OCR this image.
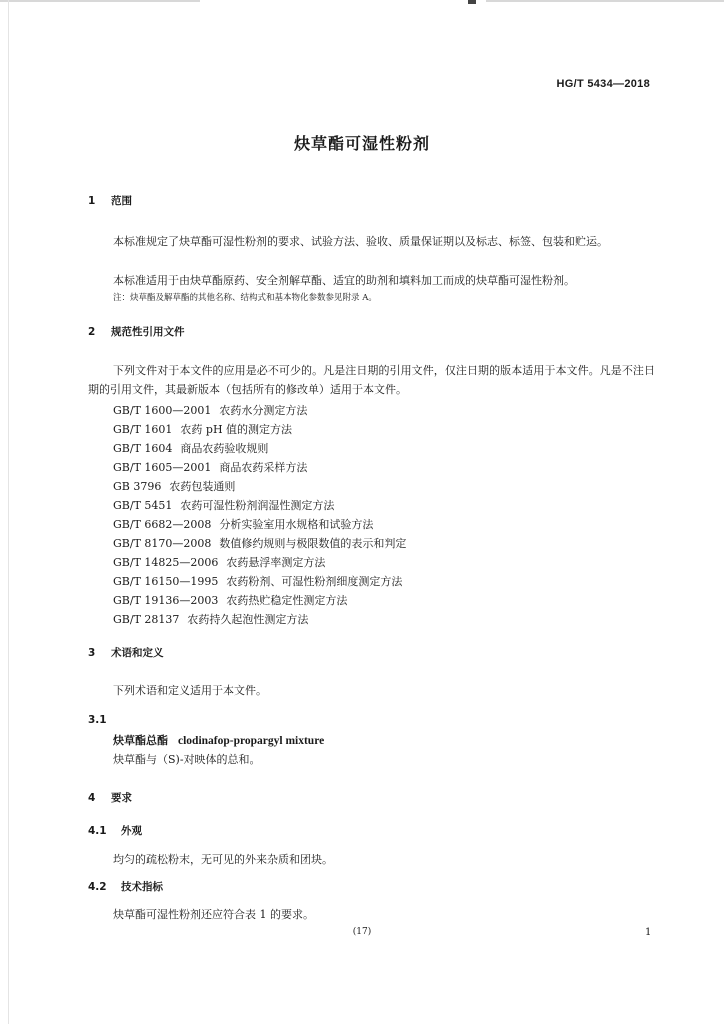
HG/T 5434—2018
炔草酯可湿性粉剂
1 范围
本标准规定了炔草酯可湿性粉剂的要求、试验方法、验收、质量保证期以及标志、标签、包装和贮运。
本标准适用于由炔草酯原药、安全剂解草酯、适宜的助剂和填料加工而成的炔草酯可湿性粉剂。
注：炔草酯及解草酯的其他名称、结构式和基本物化参数参见附录 A。
2 规范性引用文件
下列文件对于本文件的应用是必不可少的。凡是注日期的引用文件，仅注日期的版本适用于本文件。凡是不注日期的引用文件，其最新版本（包括所有的修改单）适用于本文件。
GB/T 1600—2001 农药水分测定方法
GB/T 1601 农药 pH 值的测定方法
GB/T 1604 商品农药验收规则
GB/T 1605—2001 商品农药采样方法
GB 3796 农药包装通则
GB/T 5451 农药可湿性粉剂润湿性测定方法
GB/T 6682—2008 分析实验室用水规格和试验方法
GB/T 8170—2008 数值修约规则与极限数值的表示和判定
GB/T 14825—2006 农药悬浮率测定方法
GB/T 16150—1995 农药粉剂、可湿性粉剂细度测定方法
GB/T 19136—2003 农药热贮稳定性测定方法
GB/T 28137 农药持久起泡性测定方法
3 术语和定义
下列术语和定义适用于本文件。
3.1
炔草酯总酯 clodinafop-propargyl mixture
炔草酯与（S)-对映体的总和。
4 要求
4.1 外观
均匀的疏松粉末，无可见的外来杂质和团块。
4.2 技术指标
炔草酯可湿性粉剂还应符合表 1 的要求。
(17)	1
